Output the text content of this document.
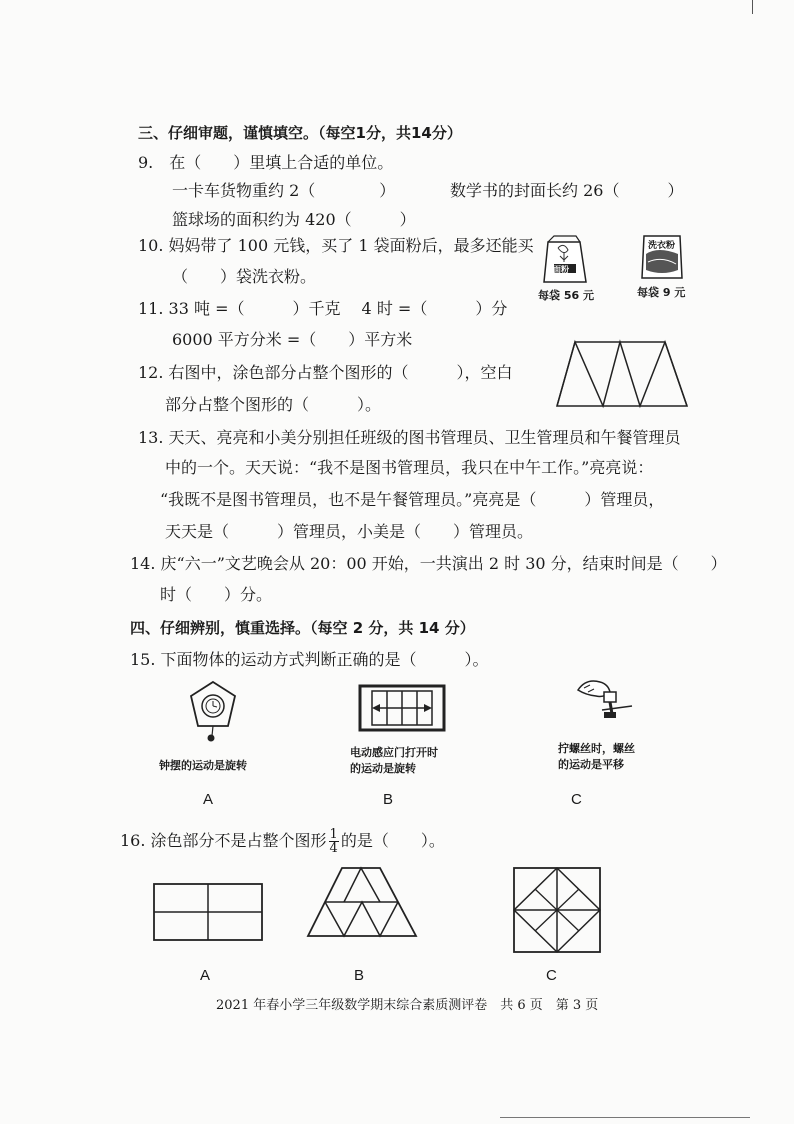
三、仔细审题，谨慎填空。（每空1分，共14分）
9.　在（　　）里填上合适的单位。
一卡车货物重约 2（　　　　）	数学书的封面长约 26（　　　）
篮球场的面积约为 420（　　　）
10. 妈妈带了 100 元钱，买了 1 袋面粉后，最多还能买
（　　）袋洗衣粉。	面粉
每袋 56 元
洗衣粉
每袋 9 元
11. 33 吨 =（　　　）千克　 4 时 =（　　　）分
6000 平方分米 =（　　）平方米
12. 右图中，涂色部分占整个图形的（　　　），空白
部分占整个图形的（　　　）。
13. 天天、亮亮和小美分别担任班级的图书管理员、卫生管理员和午餐管理员
中的一个。天天说：“我不是图书管理员，我只在中午工作。”亮亮说：
“我既不是图书管理员，也不是午餐管理员。”亮亮是（　　　）管理员，
天天是（　　　）管理员，小美是（　　）管理员。
14. 庆“六一”文艺晚会从 20：00 开始，一共演出 2 时 30 分，结束时间是（　　）
时（　　）分。
四、仔细辨别，慎重选择。（每空 2 分，共 14 分）
15. 下面物体的运动方式判断正确的是（　　　）。
钟摆的运动是旋转
电动感应门打开时
的运动是旋转
拧螺丝时，螺丝
的运动是平移
A	B	C
16. 涂色部分不是占整个图形 $\frac{1}{4}$ 的是（　　）。
A	B	C
2021 年春小学三年级数学期末综合素质测评卷　共 6 页　第 3 页
